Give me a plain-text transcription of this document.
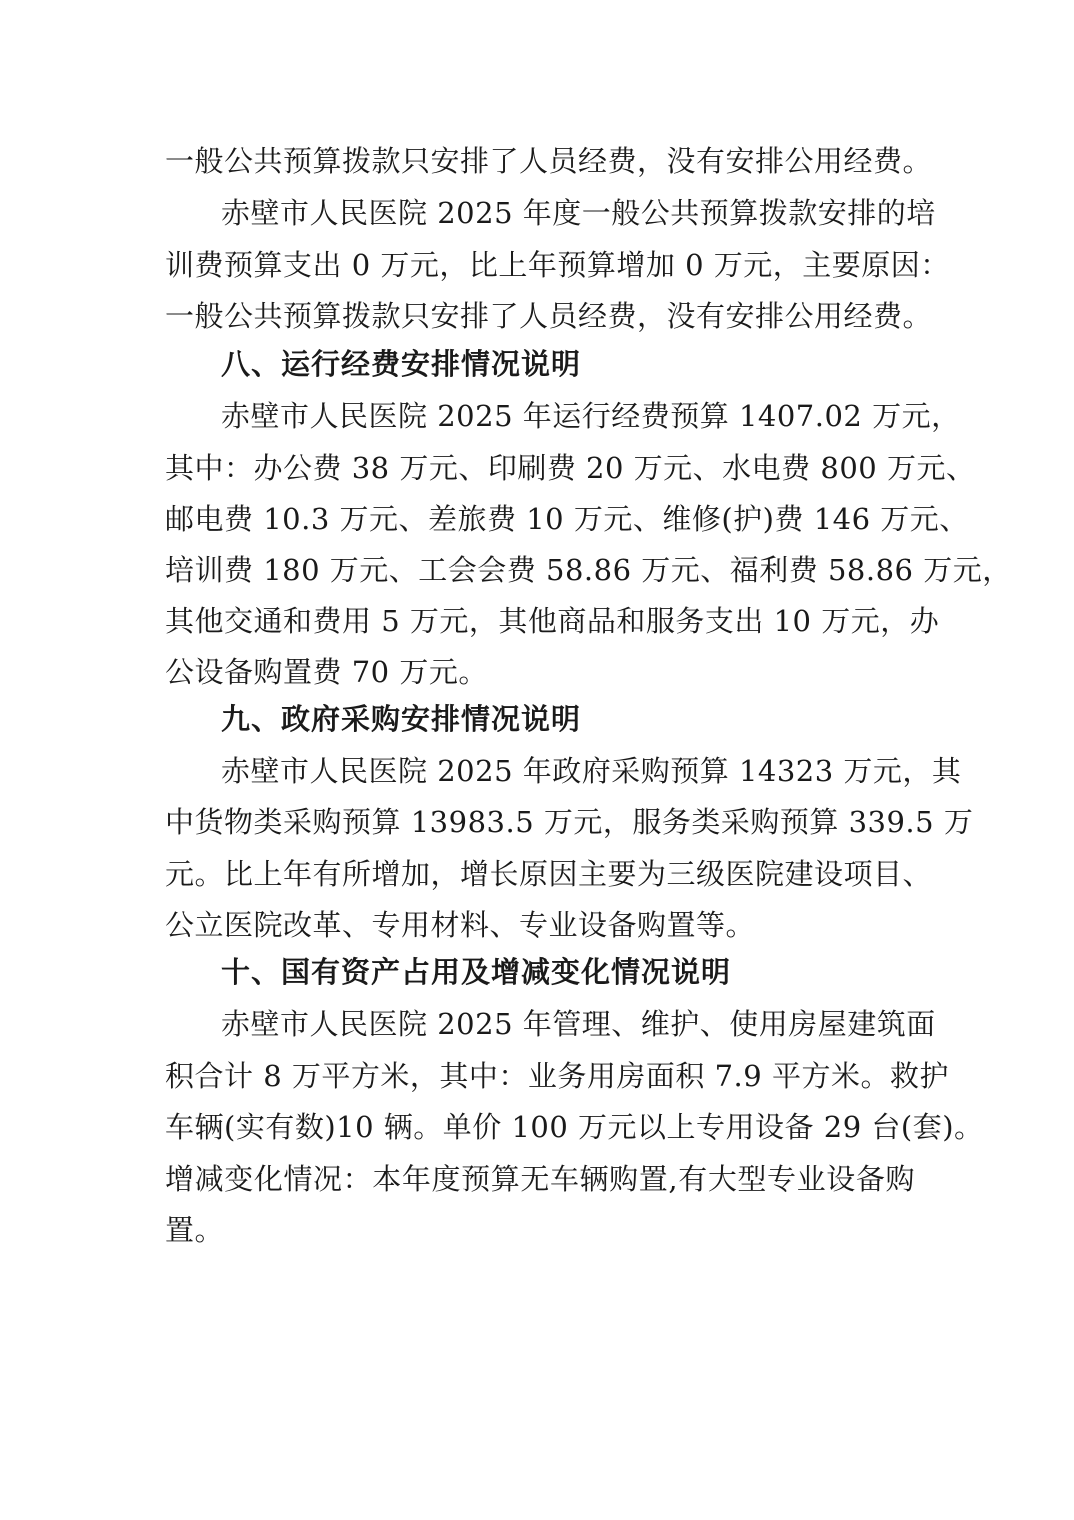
一般公共预算拨款只安排了人员经费，没有安排公用经费。
赤壁市人民医院 2025 年度一般公共预算拨款安排的培
训费预算支出 0 万元，比上年预算增加 0 万元，主要原因：
一般公共预算拨款只安排了人员经费，没有安排公用经费。
八、运行经费安排情况说明
赤壁市人民医院 2025 年运行经费预算 1407.02 万元，
其中：办公费 38 万元、印刷费 20 万元、水电费 800 万元、
邮电费 10.3 万元、差旅费 10 万元、维修(护)费 146 万元、
培训费 180 万元、工会会费 58.86 万元、福利费 58.86 万元，
其他交通和费用 5 万元，其他商品和服务支出 10 万元，办
公设备购置费 70 万元。
九、政府采购安排情况说明
赤壁市人民医院 2025 年政府采购预算 14323 万元，其
中货物类采购预算 13983.5 万元，服务类采购预算 339.5 万
元。比上年有所增加，增长原因主要为三级医院建设项目、
公立医院改革、专用材料、专业设备购置等。
十、国有资产占用及增减变化情况说明
赤壁市人民医院 2025 年管理、维护、使用房屋建筑面
积合计 8 万平方米，其中：业务用房面积 7.9 平方米。救护
车辆(实有数)10 辆。单价 100 万元以上专用设备 29 台(套)。
增减变化情况：本年度预算无车辆购置,有大型专业设备购
置。
